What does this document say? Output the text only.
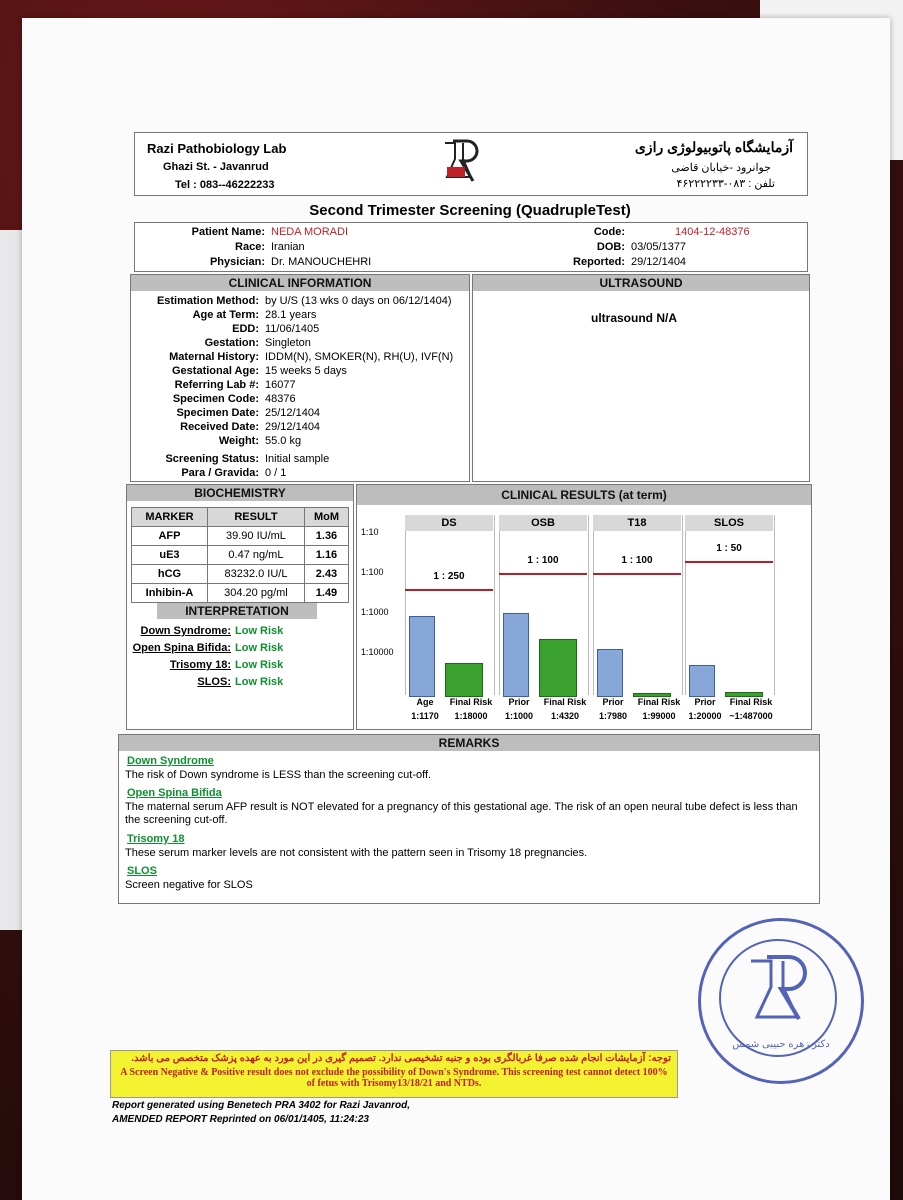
Razi Pathobiology Lab
Ghazi St. - Javanrud
Tel : 083--46222233
آزمایشگاه پاتوبیولوژی رازی
جوانرود -خیابان قاضی
تلفن : ۰۸۳-۴۶۲۲۲۲۳۳
Second Trimester Screening (QuadrupleTest)
Patient Name: NEDA MORADI
Race: Iranian
Physician: Dr. MANOUCHEHRI
Code:	1404-12-48376
DOB: 03/05/1377
Reported: 29/12/1404
CLINICAL INFORMATION
Estimation Method: by U/S (13 wks 0 days on 06/12/1404)
Age at Term: 28.1 years
EDD: 11/06/1405
Gestation: Singleton
Maternal History: IDDM(N), SMOKER(N), RH(U), IVF(N)
Gestational Age: 15 weeks 5 days
Referring Lab #: 16077
Specimen Code: 48376
Specimen Date: 25/12/1404
Received Date: 29/12/1404
Weight: 55.0 kg
Screening Status: Initial sample
Para / Gravida: 0 / 1
ULTRASOUND
ultrasound N/A
BIOCHEMISTRY
MARKER	RESULT	MoM
AFP	39.90 IU/mL	1.36
uE3	0.47 ng/mL	1.16
hCG	83232.0 IU/L	2.43
Inhibin-A	304.20 pg/ml	1.49
INTERPRETATION
Down Syndrome: Low Risk
Open Spina Bifida: Low Risk
Trisomy 18: Low Risk
SLOS: Low Risk
CLINICAL RESULTS (at term)
1:10
1:100
1:1000
1:10000
DS
1 : 250
Age
1:1170
Final Risk
1:18000
OSB
1 : 100
Prior
1:1000
Final Risk
1:4320
T18
1 : 100
Prior
1:7980
Final Risk
1:99000
SLOS
1 : 50
Prior
1:20000
Final Risk
~1:487000
REMARKS
Down Syndrome
The risk of Down syndrome is LESS than the screening cut-off.
Open Spina Bifida
The maternal serum AFP result is NOT elevated for a pregnancy of this gestational age. The risk of an open neural tube defect is less than the screening cut-off.
Trisomy 18
These serum marker levels are not consistent with the pattern seen in Trisomy 18 pregnancies.
SLOS
Screen negative for SLOS
دکتر زهره حبیبی شمس
توجه: آزمایشات انجام شده صرفا غربالگری بوده و جنبه تشخیصی ندارد. تصمیم گیری در این مورد به عهده پزشک متخصص می باشد.
A Screen Negative & Positive result does not exclude the possibility of Down's Syndrome. This screening test cannot detect 100% of fetus with Trisomy13/18/21 and NTDs.
Report generated using Benetech PRA 3402 for Razi Javanrod,
AMENDED REPORT Reprinted on 06/01/1405, 11:24:23
